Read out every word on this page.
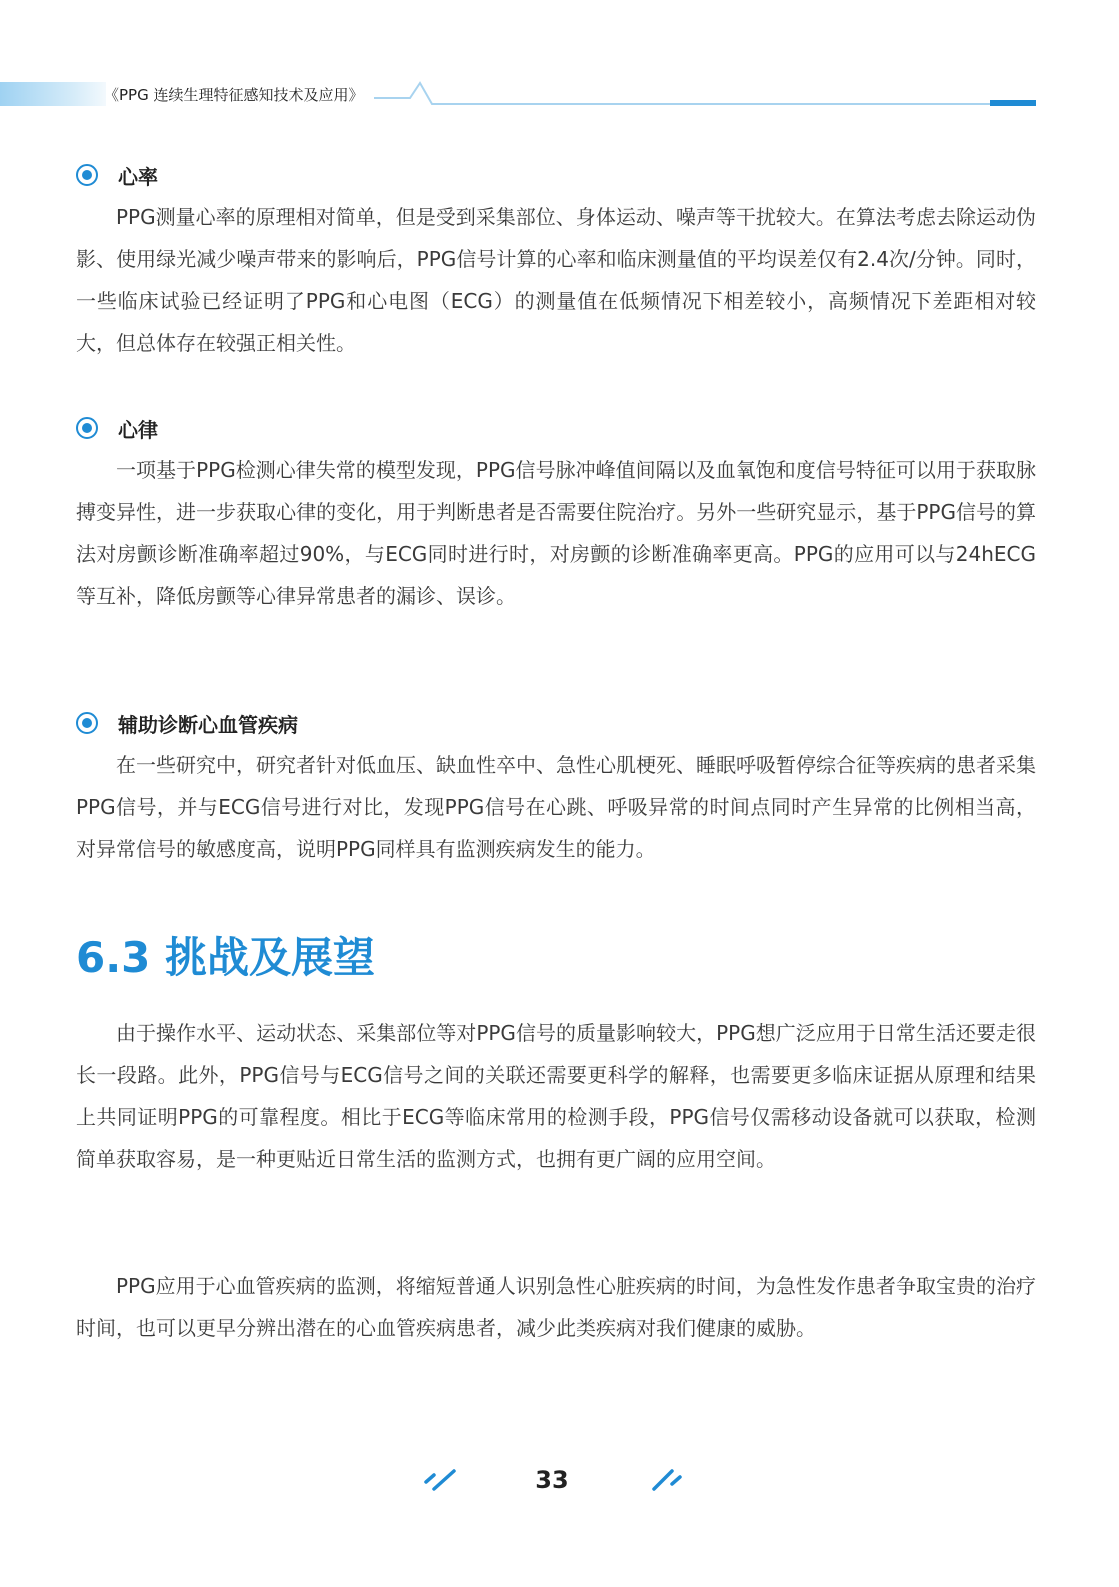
《PPG 连续生理特征感知技术及应用》
心率

PPG测量心率的原理相对简单，但是受到采集部位、身体运动、噪声等干扰较大。在算法考虑去除运动伪影、使用绿光减少噪声带来的影响后，PPG信号计算的心率和临床测量值的平均误差仅有2.4次/分钟。同时，一些临床试验已经证明了PPG和心电图（ECG）的测量值在低频情况下相差较小，高频情况下差距相对较大，但总体存在较强正相关性。

心律

一项基于PPG检测心律失常的模型发现，PPG信号脉冲峰值间隔以及血氧饱和度信号特征可以用于获取脉搏变异性，进一步获取心律的变化，用于判断患者是否需要住院治疗。另外一些研究显示，基于PPG信号的算法对房颤诊断准确率超过90%，与ECG同时进行时，对房颤的诊断准确率更高。PPG的应用可以与24hECG等互补，降低房颤等心律异常患者的漏诊、误诊。

辅助诊断心血管疾病

在一些研究中，研究者针对低血压、缺血性卒中、急性心肌梗死、睡眠呼吸暂停综合征等疾病的患者采集PPG信号，并与ECG信号进行对比，发现PPG信号在心跳、呼吸异常的时间点同时产生异常的比例相当高，对异常信号的敏感度高，说明PPG同样具有监测疾病发生的能力。

6.3 挑战及展望

由于操作水平、运动状态、采集部位等对PPG信号的质量影响较大，PPG想广泛应用于日常生活还要走很长一段路。此外，PPG信号与ECG信号之间的关联还需要更科学的解释，也需要更多临床证据从原理和结果上共同证明PPG的可靠程度。相比于ECG等临床常用的检测手段，PPG信号仅需移动设备就可以获取，检测简单获取容易，是一种更贴近日常生活的监测方式，也拥有更广阔的应用空间。

PPG应用于心血管疾病的监测，将缩短普通人识别急性心脏疾病的时间，为急性发作患者争取宝贵的治疗时间，也可以更早分辨出潜在的心血管疾病患者，减少此类疾病对我们健康的威胁。

33
